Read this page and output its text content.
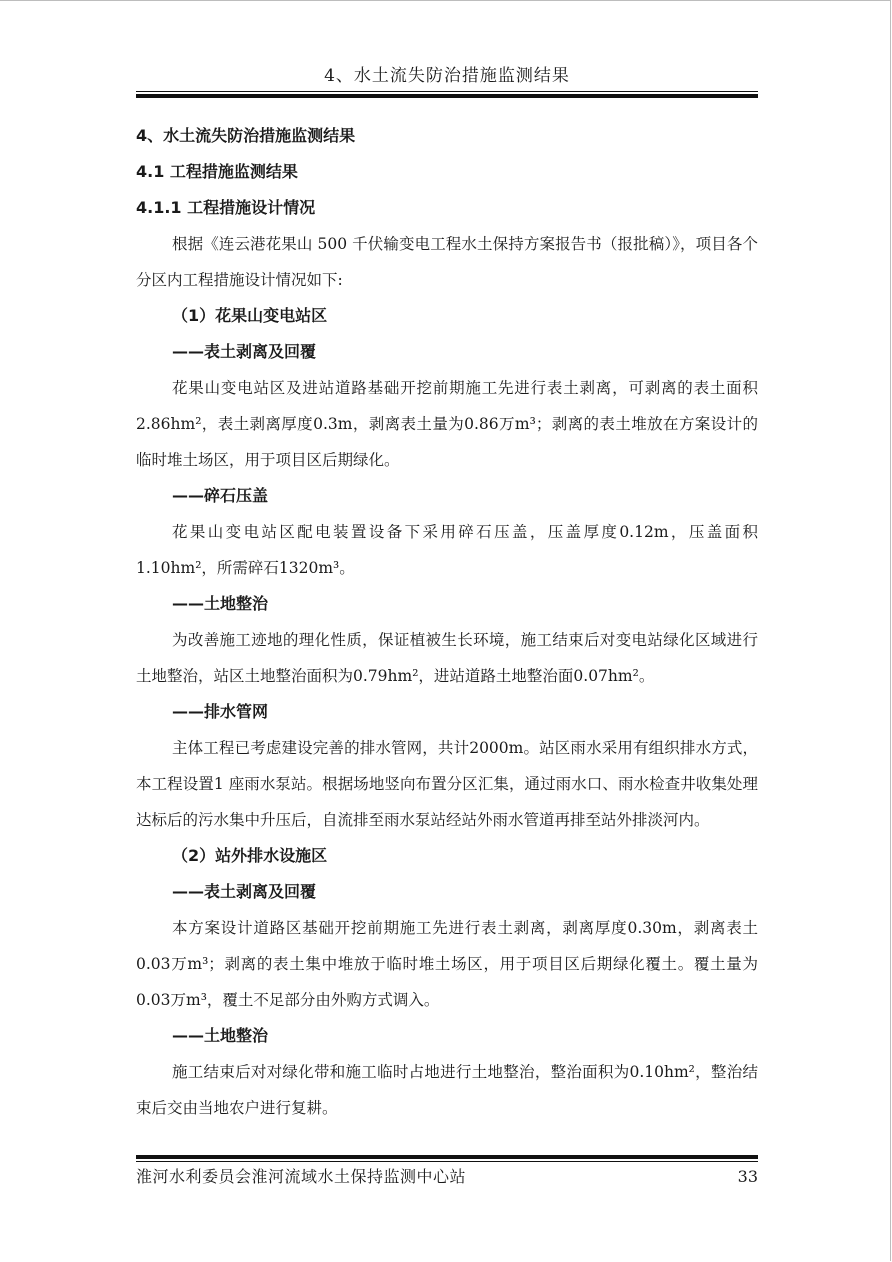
4、水土流失防治措施监测结果
4、水土流失防治措施监测结果
4.1 工程措施监测结果
4.1.1 工程措施设计情况

根据《连云港花果山 500 千伏输变电工程水土保持方案报告书（报批稿）》，项目各个分区内工程措施设计情况如下:

（1）花果山变电站区
——表土剥离及回覆

花果山变电站区及进站道路基础开挖前期施工先进行表土剥离，可剥离的表土面积2.86hm²，表土剥离厚度0.3m，剥离表土量为0.86万m³；剥离的表土堆放在方案设计的临时堆土场区，用于项目区后期绿化。

——碎石压盖

花果山变电站区配电装置设备下采用碎石压盖，压盖厚度0.12m，压盖面积1.10hm²，所需碎石1320m³。

——土地整治

为改善施工迹地的理化性质，保证植被生长环境，施工结束后对变电站绿化区域进行土地整治，站区土地整治面积为0.79hm²，进站道路土地整治面0.07hm²。

——排水管网

主体工程已考虑建设完善的排水管网，共计2000m。站区雨水采用有组织排水方式，本工程设置1 座雨水泵站。根据场地竖向布置分区汇集，通过雨水口、雨水检查井收集处理达标后的污水集中升压后，自流排至雨水泵站经站外雨水管道再排至站外排淡河内。

（2）站外排水设施区
——表土剥离及回覆

本方案设计道路区基础开挖前期施工先进行表土剥离，剥离厚度0.30m，剥离表土0.03万m³；剥离的表土集中堆放于临时堆土场区，用于项目区后期绿化覆土。覆土量为0.03万m³，覆土不足部分由外购方式调入。

——土地整治

施工结束后对对绿化带和施工临时占地进行土地整治，整治面积为0.10hm²，整治结束后交由当地农户进行复耕。

淮河水利委员会淮河流域水土保持监测中心站	33
